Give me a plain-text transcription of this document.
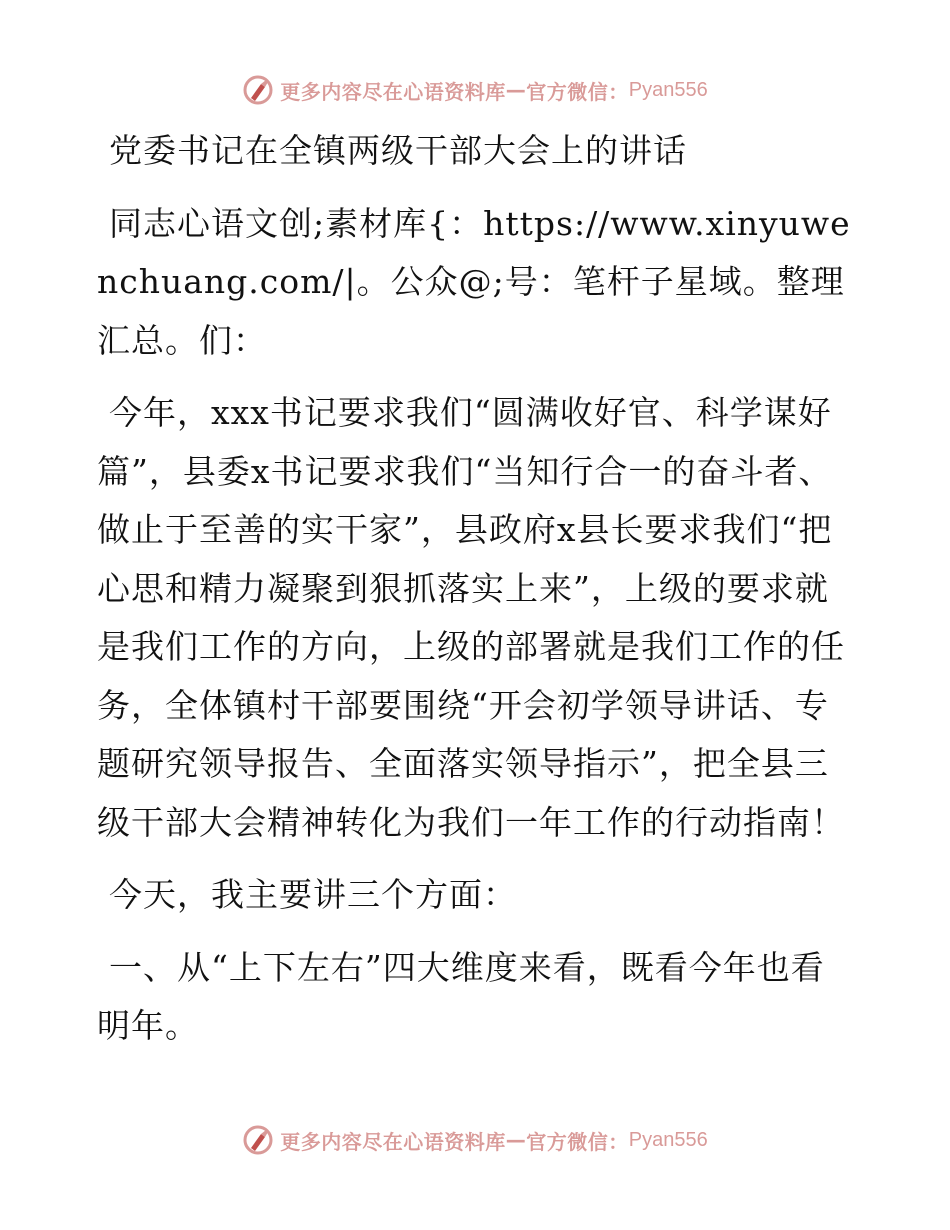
更多内容尽在心语资料库 — 官方微信： Pyan556

党委书记在全镇两级干部大会上的讲话

同志心语文创;素材库{：https://www.xinyuwenchuang.com/|。公众@;号：笔杆子星域。整理汇总。们：

今年，xxx书记要求我们“圆满收好官、科学谋好篇”，县委x书记要求我们“当知行合一的奋斗者、做止于至善的实干家”，县政府x县长要求我们“把心思和精力凝聚到狠抓落实上来”，上级的要求就是我们工作的方向，上级的部署就是我们工作的任务，全体镇村干部要围绕“开会初学领导讲话、专题研究领导报告、全面落实领导指示”，把全县三级干部大会精神转化为我们一年工作的行动指南！

今天，我主要讲三个方面：

一、从“上下左右”四大维度来看，既看今年也看明年。

更多内容尽在心语资料库 — 官方微信： Pyan556
